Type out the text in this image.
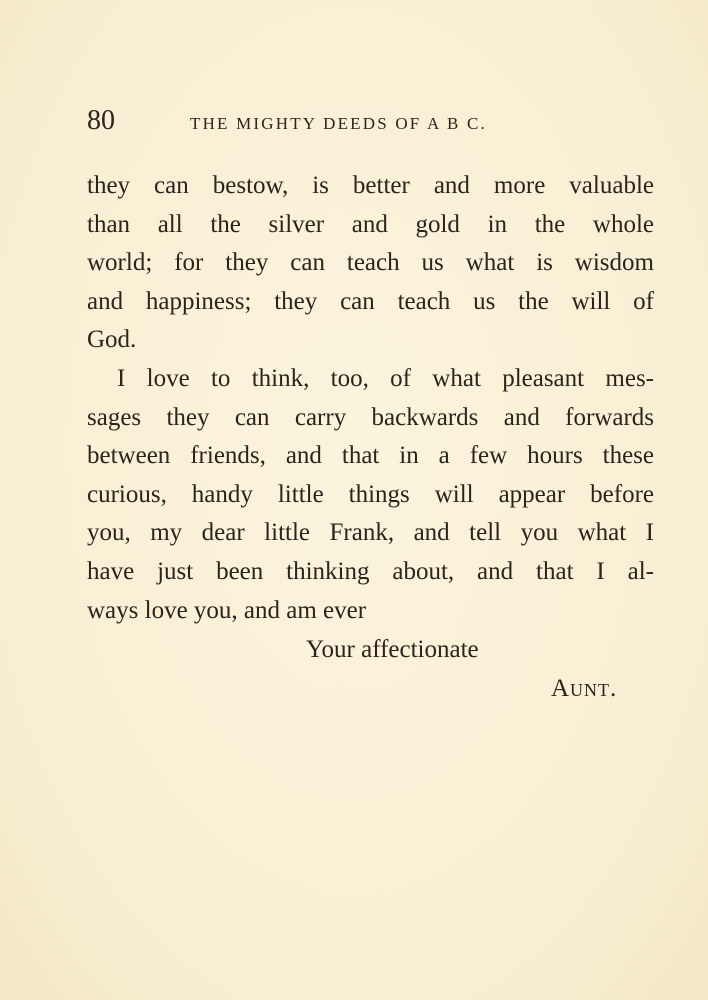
80	THE MIGHTY DEEDS OF A B C.
they can bestow, is better and more valuable
than all the silver and gold in the whole
world; for they can teach us what is wisdom
and happiness; they can teach us the will of
God.
I love to think, too, of what pleasant mes-
sages they can carry backwards and forwards
between friends, and that in a few hours these
curious, handy little things will appear before
you, my dear little Frank, and tell you what I
have just been thinking about, and that I al-
ways love you, and am ever
Your affectionate
Aunt.
